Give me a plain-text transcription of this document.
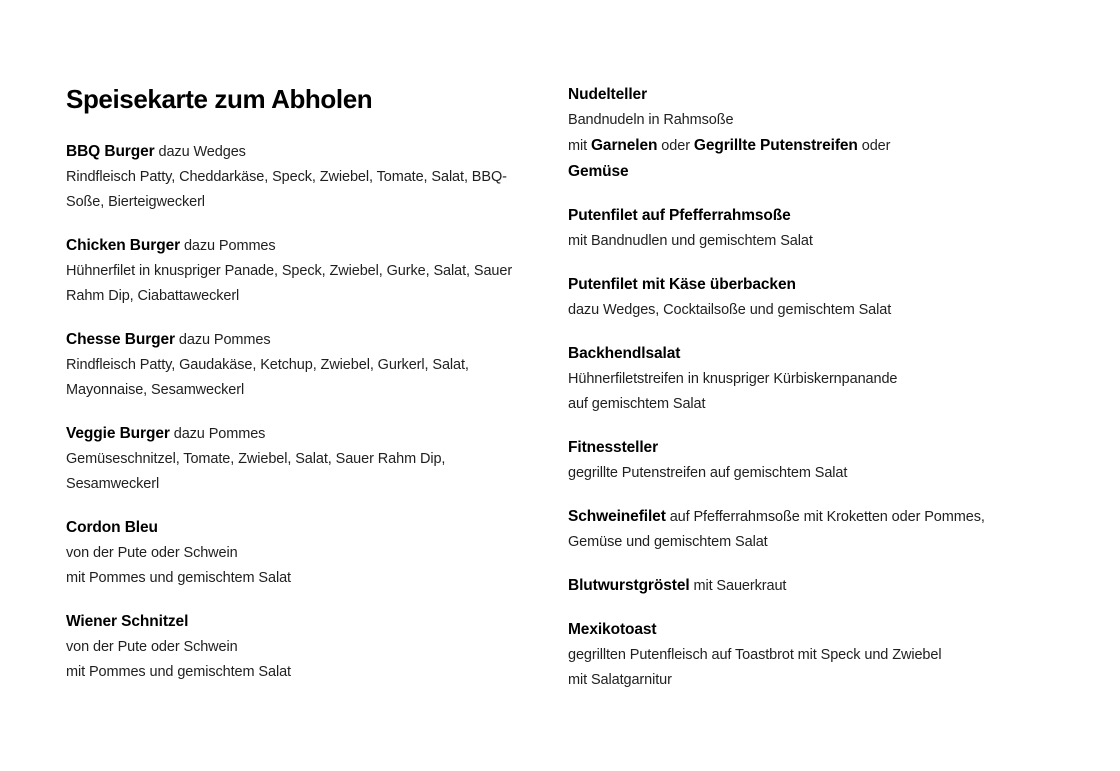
Speisekarte zum Abholen
BBQ Burger dazu Wedges
Rindfleisch Patty, Cheddarkäse, Speck, Zwiebel, Tomate, Salat, BBQ-
Soße, Bierteigweckerl
Chicken Burger dazu Pommes
Hühnerfilet in knuspriger Panade, Speck, Zwiebel, Gurke, Salat, Sauer
Rahm Dip, Ciabattaweckerl
Chesse Burger dazu Pommes
Rindfleisch Patty, Gaudakäse, Ketchup, Zwiebel, Gurkerl, Salat,
Mayonnaise, Sesamweckerl
Veggie Burger dazu Pommes
Gemüseschnitzel, Tomate, Zwiebel, Salat, Sauer Rahm Dip,
Sesamweckerl
Cordon Bleu
von der Pute oder Schwein
mit Pommes und gemischtem Salat
Wiener Schnitzel
von der Pute oder Schwein
mit Pommes und gemischtem Salat
Nudelteller
Bandnudeln in Rahmsoße
mit Garnelen oder Gegrillte Putenstreifen oder
Gemüse
Putenfilet auf Pfefferrahmsoße
mit Bandnudlen und gemischtem Salat
Putenfilet mit Käse überbacken
dazu Wedges, Cocktailsoße und gemischtem Salat
Backhendlsalat
Hühnerfiletstreifen in knuspriger Kürbiskernpanande
auf gemischtem Salat
Fitnessteller
gegrillte Putenstreifen auf gemischtem Salat
Schweinefilet auf Pfefferrahmsoße mit Kroketten oder Pommes,
Gemüse und gemischtem Salat
Blutwurstgröstel mit Sauerkraut
Mexikotoast
gegrillten Putenfleisch auf Toastbrot mit Speck und Zwiebel
mit Salatgarnitur
